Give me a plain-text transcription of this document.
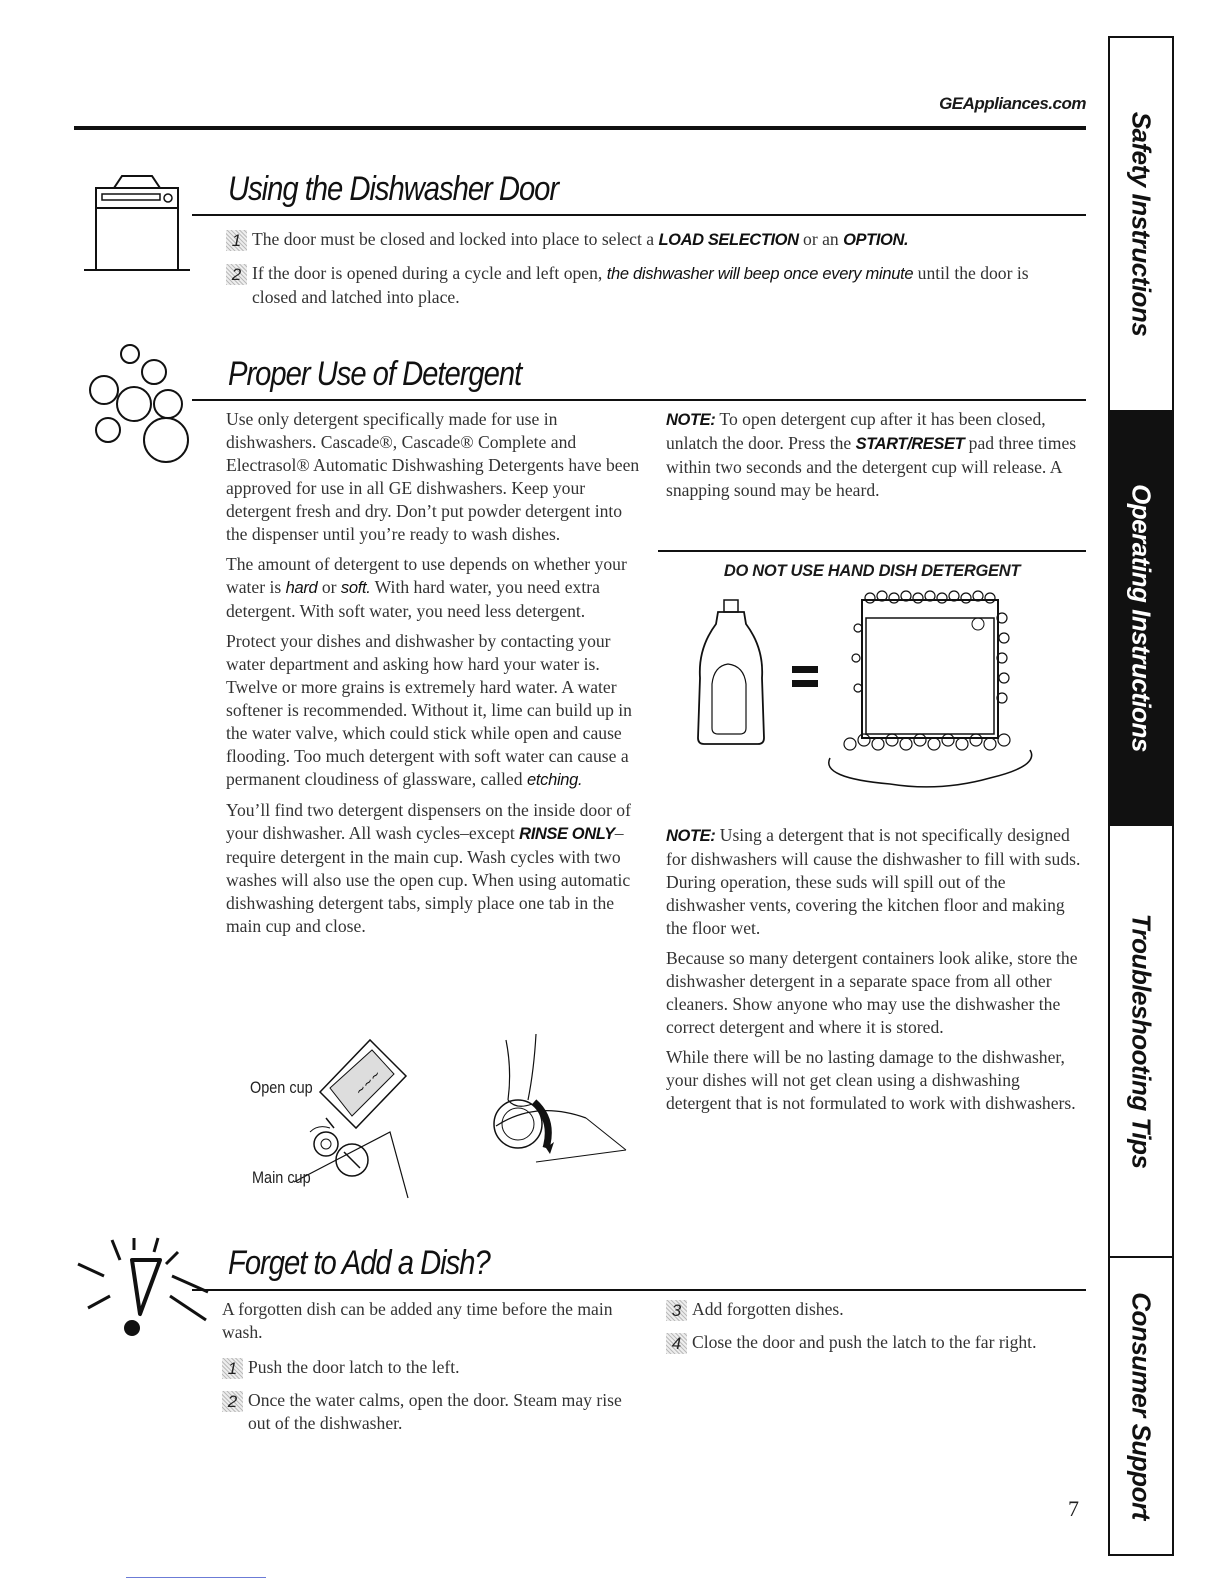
GEAppliances.com
Using the Dishwasher Door
1 The door must be closed and locked into place to select a LOAD SELECTION or an OPTION.
2 If the door is opened during a cycle and left open, the dishwasher will beep once every minute until the door is closed and latched into place.
Proper Use of Detergent

Use only detergent specifically made for use in dishwashers. Cascade®, Cascade® Complete and Electrasol® Automatic Dishwashing Detergents have been approved for use in all GE dishwashers. Keep your detergent fresh and dry. Don’t put powder detergent into the dispenser until you’re ready to wash dishes.

The amount of detergent to use depends on whether your water is hard or soft. With hard water, you need extra detergent. With soft water, you need less detergent.

Protect your dishes and dishwasher by contacting your water department and asking how hard your water is. Twelve or more grains is extremely hard water. A water softener is recommended. Without it, lime can build up in the water valve, which could stick while open and cause flooding. Too much detergent with soft water can cause a permanent cloudiness of glassware, called etching.

You’ll find two detergent dispensers on the inside door of your dishwasher. All wash cycles–except RINSE ONLY–require detergent in the main cup. Wash cycles with two washes will also use the open cup. When using automatic dishwashing detergent tabs, simply place one tab in the main cup and close.

~~~
Open cup
Main cup

NOTE: To open detergent cup after it has been closed, unlatch the door. Press the START/RESET pad three times within two seconds and the detergent cup will release. A snapping sound may be heard.

DO NOT USE HAND DISH DETERGENT

NOTE: Using a detergent that is not specifically designed for dishwashers will cause the dishwasher to fill with suds. During operation, these suds will spill out of the dishwasher vents, covering the kitchen floor and making the floor wet.

Because so many detergent containers look alike, store the dishwasher detergent in a separate space from all other cleaners. Show anyone who may use the dishwasher the correct detergent and where it is stored.

While there will be no lasting damage to the dishwasher, your dishes will not get clean using a dishwashing detergent that is not formulated to work with dishwashers.

Forget to Add a Dish?

A forgotten dish can be added any time before the main wash.

1 Push the door latch to the left.
2 Once the water calms, open the door. Steam may rise out of the dishwasher.
3 Add forgotten dishes.
4 Close the door and push the latch to the far right.
Safety Instructions
Operating Instructions
Troubleshooting Tips
Consumer Support
7
